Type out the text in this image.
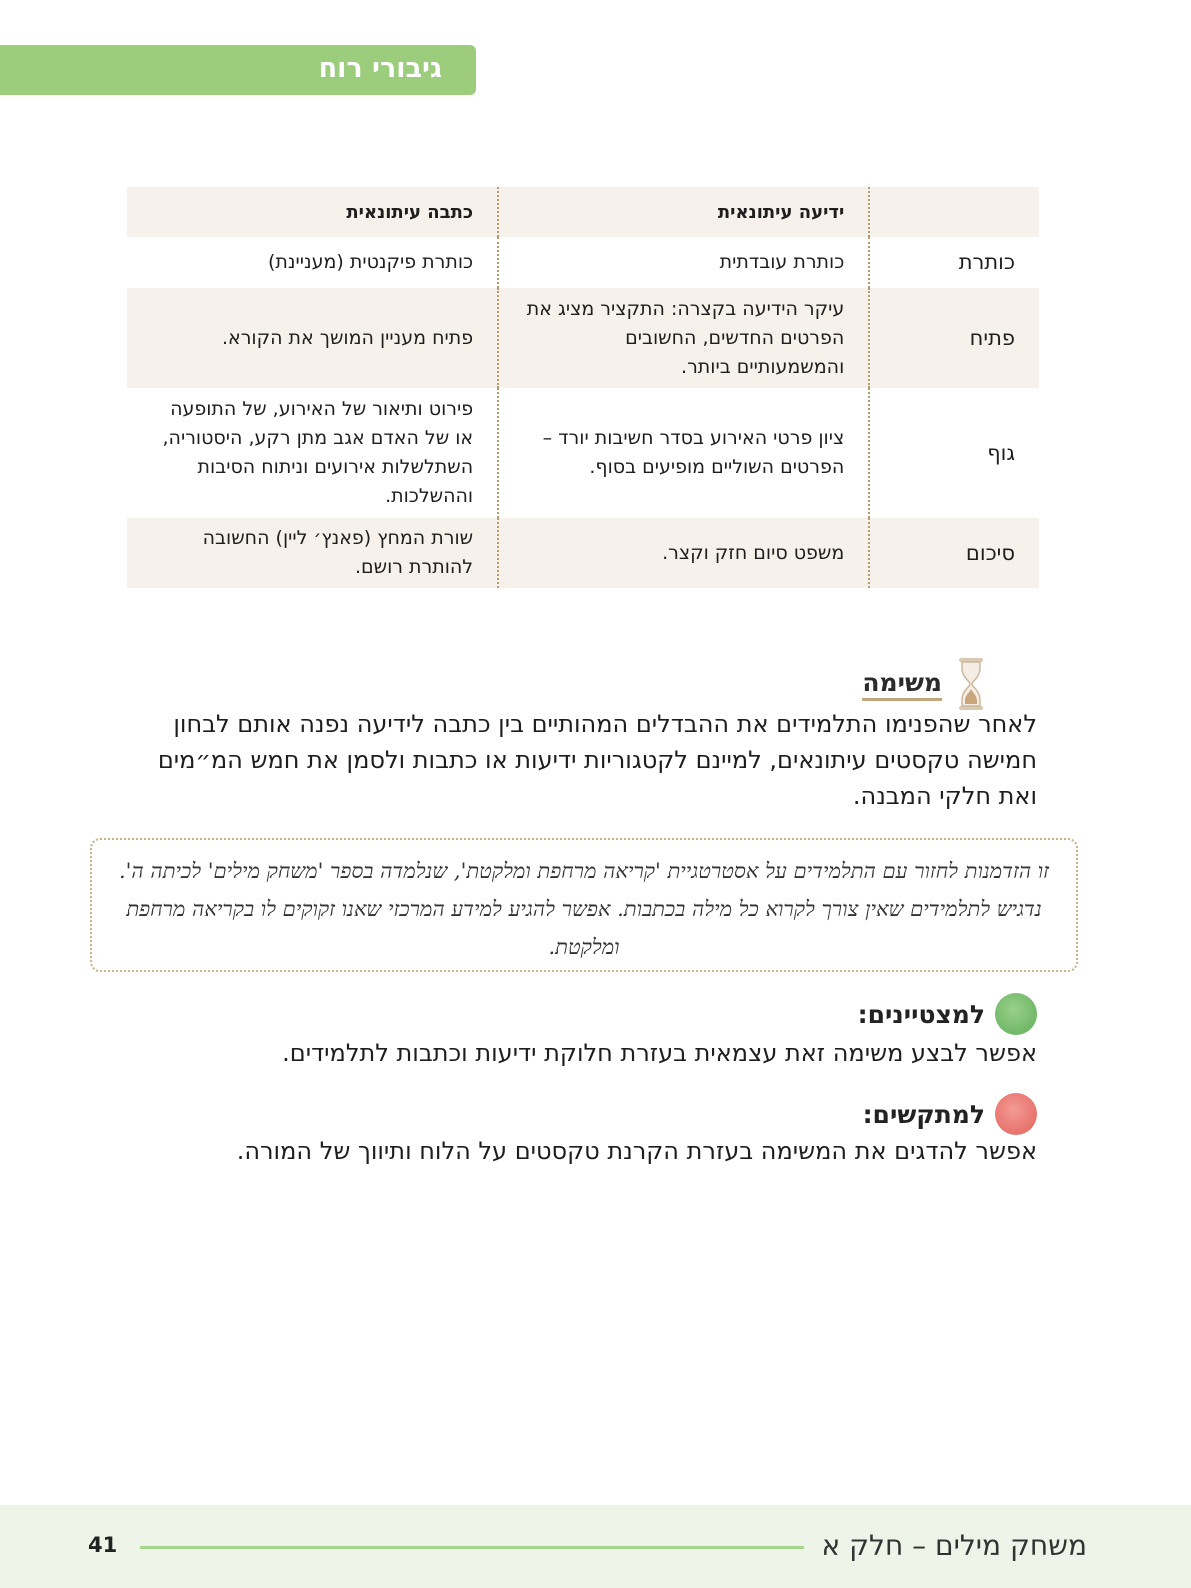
גיבורי רוח
	ידיעה עיתונאית	כתבה עיתונאית
כותרת	כותרת עובדתית	כותרת פיקנטית (מעניינת)
פתיח	עיקר הידיעה בקצרה: התקציר מציג את הפרטים החדשים, החשובים והמשמעותיים ביותר.	פתיח מעניין המושך את הקורא.
גוף	ציון פרטי האירוע בסדר חשיבות יורד – הפרטים השוליים מופיעים בסוף.	פירוט ותיאור של האירוע, של התופעה או של האדם אגב מתן רקע, היסטוריה, השתלשלות אירועים וניתוח הסיבות וההשלכות.
סיכום	משפט סיום חזק וקצר.	שורת המחץ (פאנץ׳ ליין) החשובה להותרת רושם.
משימה
לאחר שהפנימו התלמידים את ההבדלים המהותיים בין כתבה לידיעה נפנה אותם לבחון חמישה טקסטים עיתונאים, למיינם לקטגוריות ידיעות או כתבות ולסמן את חמש המ״מים ואת חלקי המבנה.
זו הזדמנות לחזור עם התלמידים על אסטרטגיית 'קריאה מרחפת ומלקטת', שנלמדה בספר 'משחק מילים' לכיתה ה'. נדגיש לתלמידים שאין צורך לקרוא כל מילה בכתבות. אפשר להגיע למידע המרכזי שאנו זקוקים לו בקריאה מרחפת ומלקטת.
למצטיינים:
אפשר לבצע משימה זאת עצמאית בעזרת חלוקת ידיעות וכתבות לתלמידים.
למתקשים:
אפשר להדגים את המשימה בעזרת הקרנת טקסטים על הלוח ותיווך של המורה.
משחק מילים – חלק א
41
